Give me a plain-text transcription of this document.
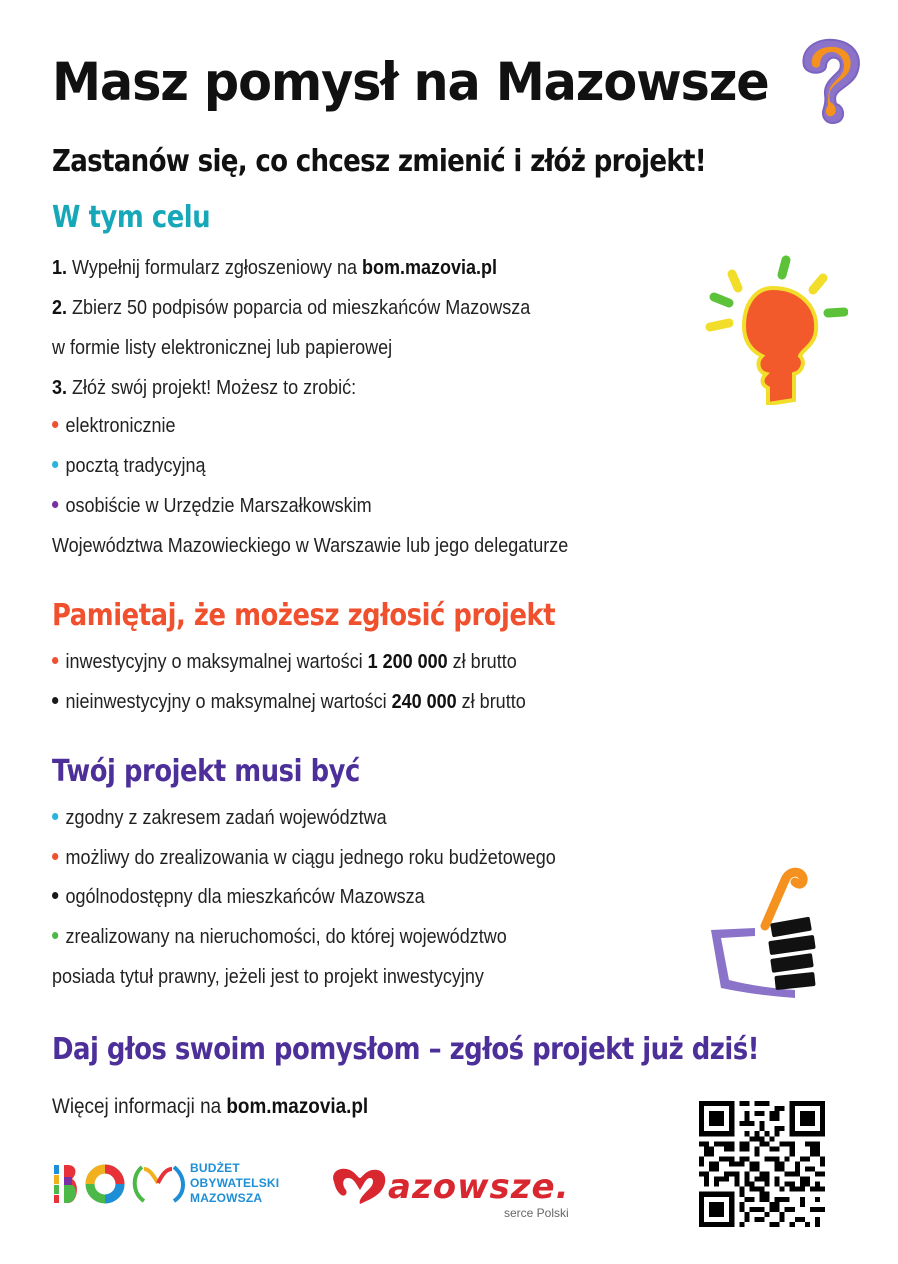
Masz pomysł na Mazowsze
Zastanów się, co chcesz zmienić i złóż projekt!
W tym celu
1. Wypełnij formularz zgłoszeniowy na bom.mazovia.pl
2. Zbierz 50 podpisów poparcia od mieszkańców Mazowsza
w formie listy elektronicznej lub papierowej
3. Złóż swój projekt! Możesz to zrobić:
elektronicznie
pocztą tradycyjną
osobiście w Urzędzie Marszałkowskim
Województwa Mazowieckiego w Warszawie lub jego delegaturze
Pamiętaj, że możesz zgłosić projekt
inwestycyjny o maksymalnej wartości 1 200 000 zł brutto
nieinwestycyjny o maksymalnej wartości 240 000 zł brutto
Twój projekt musi być
zgodny z zakresem zadań województwa
możliwy do zrealizowania w ciągu jednego roku budżetowego
ogólnodostępny dla mieszkańców Mazowsza
zrealizowany na nieruchomości, do której województwo
posiada tytuł prawny, jeżeli jest to projekt inwestycyjny
Daj głos swoim pomysłom – zgłoś projekt już dziś!
Więcej informacji na bom.mazovia.pl
BUDŻET
OBYWATELSKI
MAZOWSZA	azowsze.
serce Polski
